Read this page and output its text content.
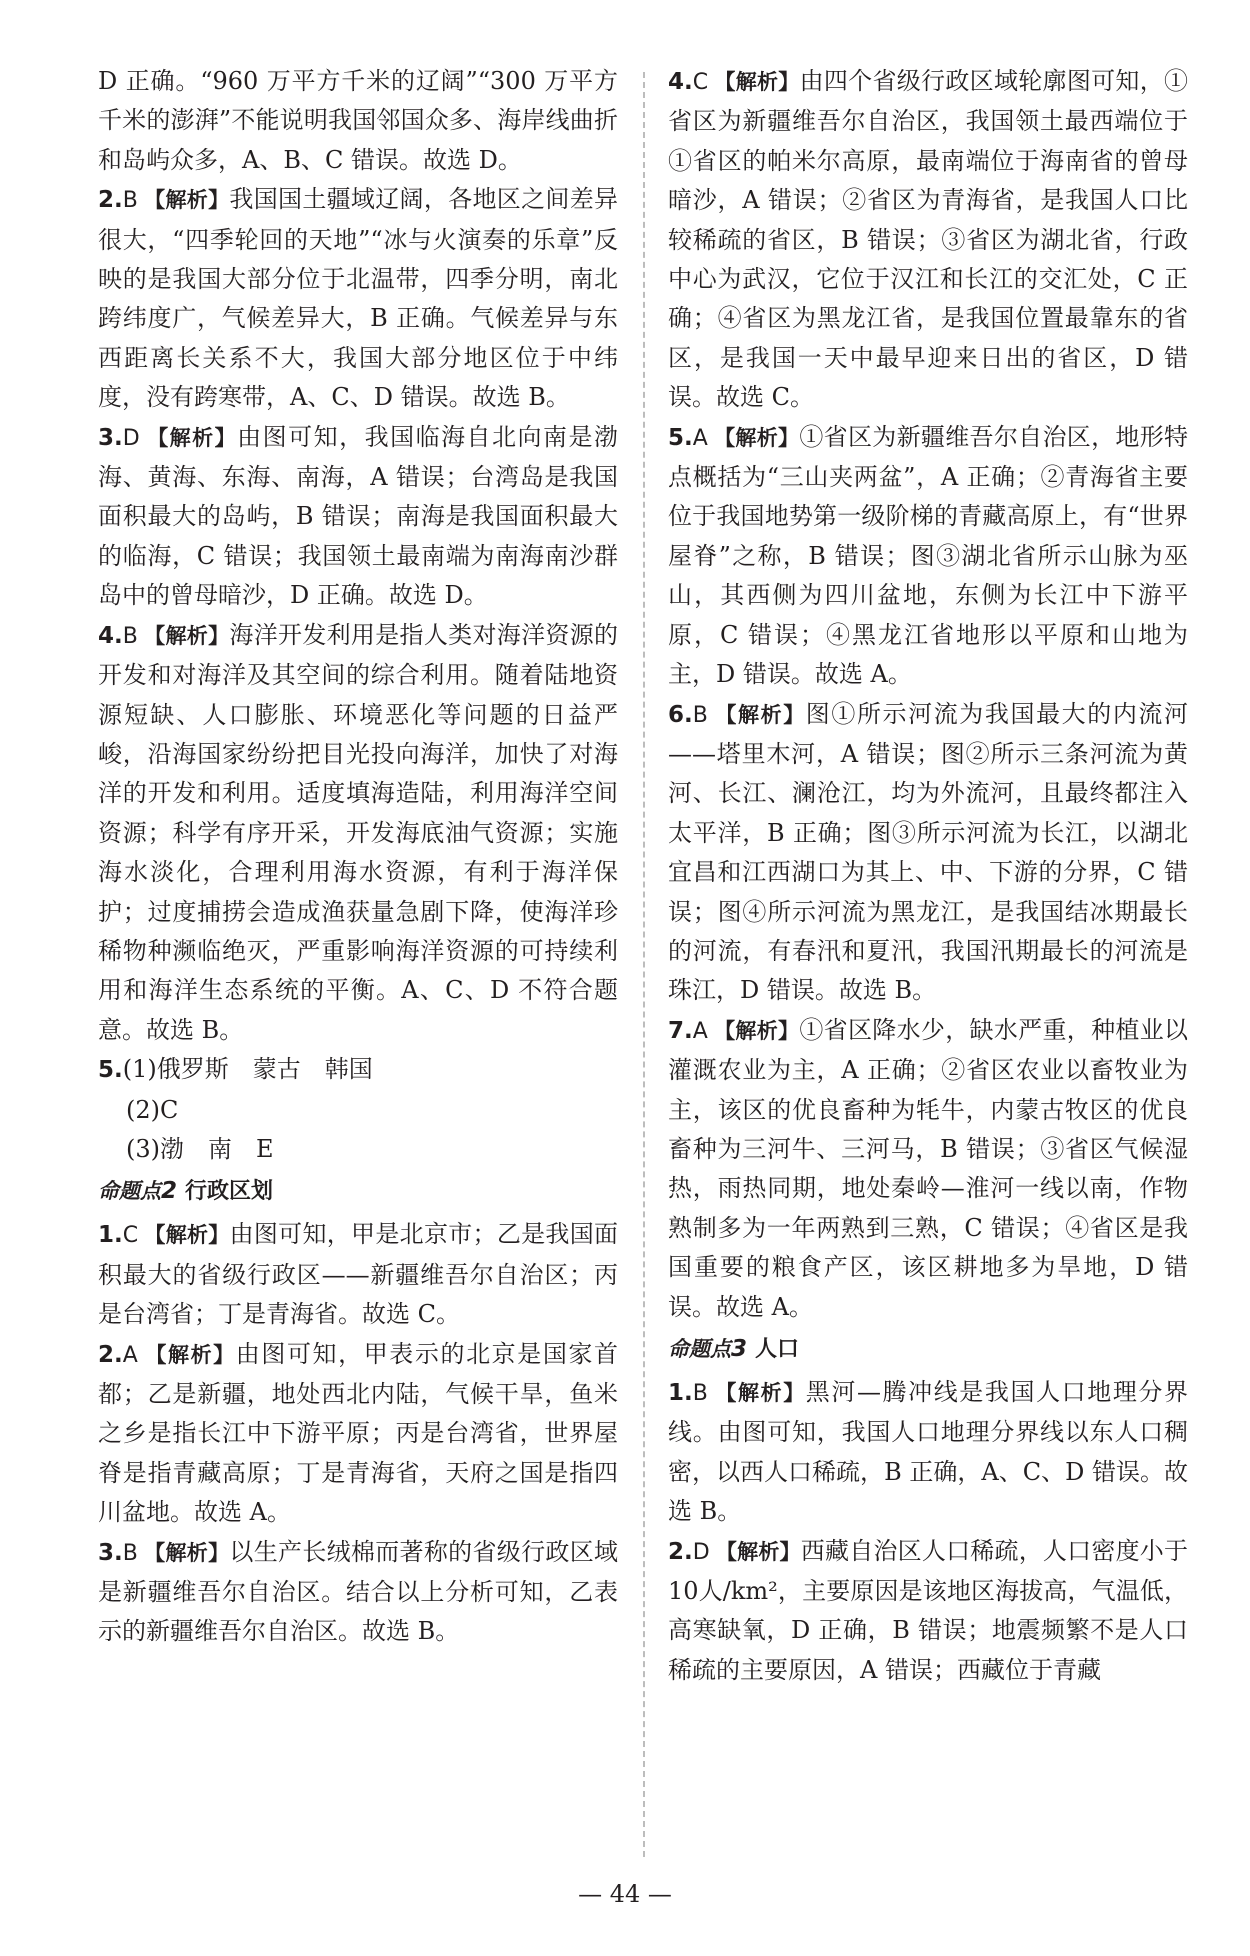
D 正确。“960 万平方千米的辽阔”“300 万平方千米的澎湃”不能说明我国邻国众多、海岸线曲折和岛屿众多，A、B、C 错误。故选 D。

2.B 【解析】我国国土疆域辽阔，各地区之间差异很大，“四季轮回的天地”“冰与火演奏的乐章”反映的是我国大部分位于北温带，四季分明，南北跨纬度广，气候差异大，B 正确。气候差异与东西距离长关系不大，我国大部分地区位于中纬度，没有跨寒带，A、C、D 错误。故选 B。

3.D 【解析】由图可知，我国临海自北向南是渤海、黄海、东海、南海，A 错误；台湾岛是我国面积最大的岛屿，B 错误；南海是我国面积最大的临海，C 错误；我国领土最南端为南海南沙群岛中的曾母暗沙，D 正确。故选 D。

4.B 【解析】海洋开发利用是指人类对海洋资源的开发和对海洋及其空间的综合利用。随着陆地资源短缺、人口膨胀、环境恶化等问题的日益严峻，沿海国家纷纷把目光投向海洋，加快了对海洋的开发和利用。适度填海造陆，利用海洋空间资源；科学有序开采，开发海底油气资源；实施海水淡化，合理利用海水资源，有利于海洋保护；过度捕捞会造成渔获量急剧下降，使海洋珍稀物种濒临绝灭，严重影响海洋资源的可持续利用和海洋生态系统的平衡。A、C、D 不符合题意。故选 B。

5.(1)俄罗斯　蒙古　韩国

(2)C

(3)渤　南　E

命题点2 行政区划

1.C 【解析】由图可知，甲是北京市；乙是我国面积最大的省级行政区——新疆维吾尔自治区；丙是台湾省；丁是青海省。故选 C。

2.A 【解析】由图可知，甲表示的北京是国家首都；乙是新疆，地处西北内陆，气候干旱，鱼米之乡是指长江中下游平原；丙是台湾省，世界屋脊是指青藏高原；丁是青海省，天府之国是指四川盆地。故选 A。

3.B 【解析】以生产长绒棉而著称的省级行政区域是新疆维吾尔自治区。结合以上分析可知，乙表示的新疆维吾尔自治区。故选 B。

4.C 【解析】由四个省级行政区域轮廓图可知，①省区为新疆维吾尔自治区，我国领土最西端位于①省区的帕米尔高原，最南端位于海南省的曾母暗沙，A 错误；②省区为青海省，是我国人口比较稀疏的省区，B 错误；③省区为湖北省，行政中心为武汉，它位于汉江和长江的交汇处，C 正确；④省区为黑龙江省，是我国位置最靠东的省区，是我国一天中最早迎来日出的省区，D 错误。故选 C。

5.A 【解析】①省区为新疆维吾尔自治区，地形特点概括为“三山夹两盆”，A 正确；②青海省主要位于我国地势第一级阶梯的青藏高原上，有“世界屋脊”之称，B 错误；图③湖北省所示山脉为巫山，其西侧为四川盆地，东侧为长江中下游平原，C 错误；④黑龙江省地形以平原和山地为主，D 错误。故选 A。

6.B 【解析】图①所示河流为我国最大的内流河——塔里木河，A 错误；图②所示三条河流为黄河、长江、澜沧江，均为外流河，且最终都注入太平洋，B 正确；图③所示河流为长江，以湖北宜昌和江西湖口为其上、中、下游的分界，C 错误；图④所示河流为黑龙江，是我国结冰期最长的河流，有春汛和夏汛，我国汛期最长的河流是珠江，D 错误。故选 B。

7.A 【解析】①省区降水少，缺水严重，种植业以灌溉农业为主，A 正确；②省区农业以畜牧业为主，该区的优良畜种为牦牛，内蒙古牧区的优良畜种为三河牛、三河马，B 错误；③省区气候湿热，雨热同期，地处秦岭—淮河一线以南，作物熟制多为一年两熟到三熟，C 错误；④省区是我国重要的粮食产区，该区耕地多为旱地，D 错误。故选 A。

命题点3 人口

1.B 【解析】黑河—腾冲线是我国人口地理分界线。由图可知，我国人口地理分界线以东人口稠密，以西人口稀疏，B 正确，A、C、D 错误。故选 B。

2.D 【解析】西藏自治区人口稀疏，人口密度小于10人/km²，主要原因是该地区海拔高，气温低，高寒缺氧，D 正确，B 错误；地震频繁不是人口稀疏的主要原因，A 错误；西藏位于青藏

— 44 —
